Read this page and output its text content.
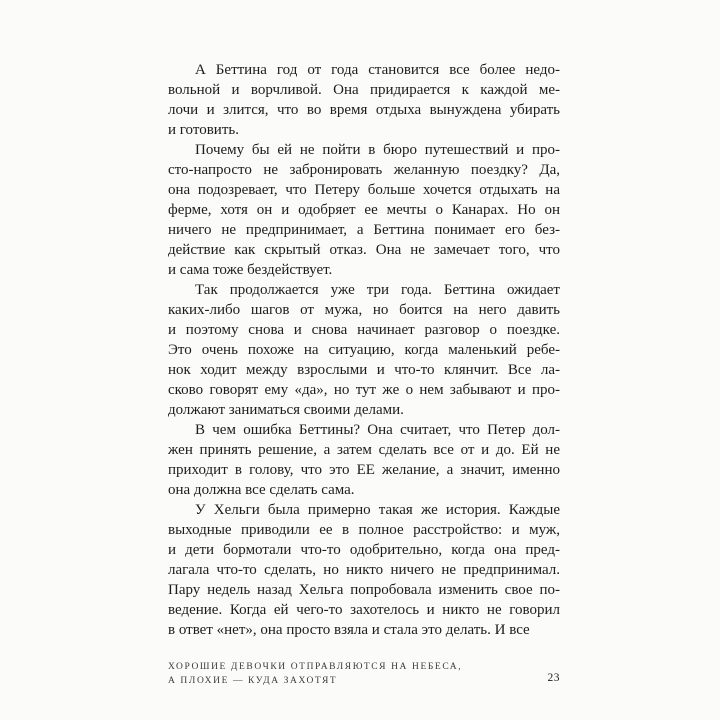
А Беттина год от года становится все более недо-
вольной и ворчливой. Она придирается к каждой ме-
лочи и злится, что во время отдыха вынуждена убирать
и готовить.
Почему бы ей не пойти в бюро путешествий и про-
сто-напросто не забронировать желанную поездку? Да,
она подозревает, что Петеру больше хочется отдыхать на
ферме, хотя он и одобряет ее мечты о Канарах. Но он
ничего не предпринимает, а Беттина понимает его без-
действие как скрытый отказ. Она не замечает того, что
и сама тоже бездействует.
Так продолжается уже три года. Беттина ожидает
каких-либо шагов от мужа, но боится на него давить
и поэтому снова и снова начинает разговор о поездке.
Это очень похоже на ситуацию, когда маленький ребе-
нок ходит между взрослыми и что-то клянчит. Все ла-
сково говорят ему «да», но тут же о нем забывают и про-
должают заниматься своими делами.
В чем ошибка Беттины? Она считает, что Петер дол-
жен принять решение, а затем сделать все от и до. Ей не
приходит в голову, что это ЕЕ желание, а значит, именно
она должна все сделать сама.
У Хельги была примерно такая же история. Каждые
выходные приводили ее в полное расстройство: и муж,
и дети бормотали что-то одобрительно, когда она пред-
лагала что-то сделать, но никто ничего не предпринимал.
Пару недель назад Хельга попробовала изменить свое по-
ведение. Когда ей чего-то захотелось и никто не говорил
в ответ «нет», она просто взяла и стала это делать. И все
ХОРОШИЕ ДЕВОЧКИ ОТПРАВЛЯЮТСЯ НА НЕБЕСА,
А ПЛОХИЕ — КУДА ЗАХОТЯТ	23
